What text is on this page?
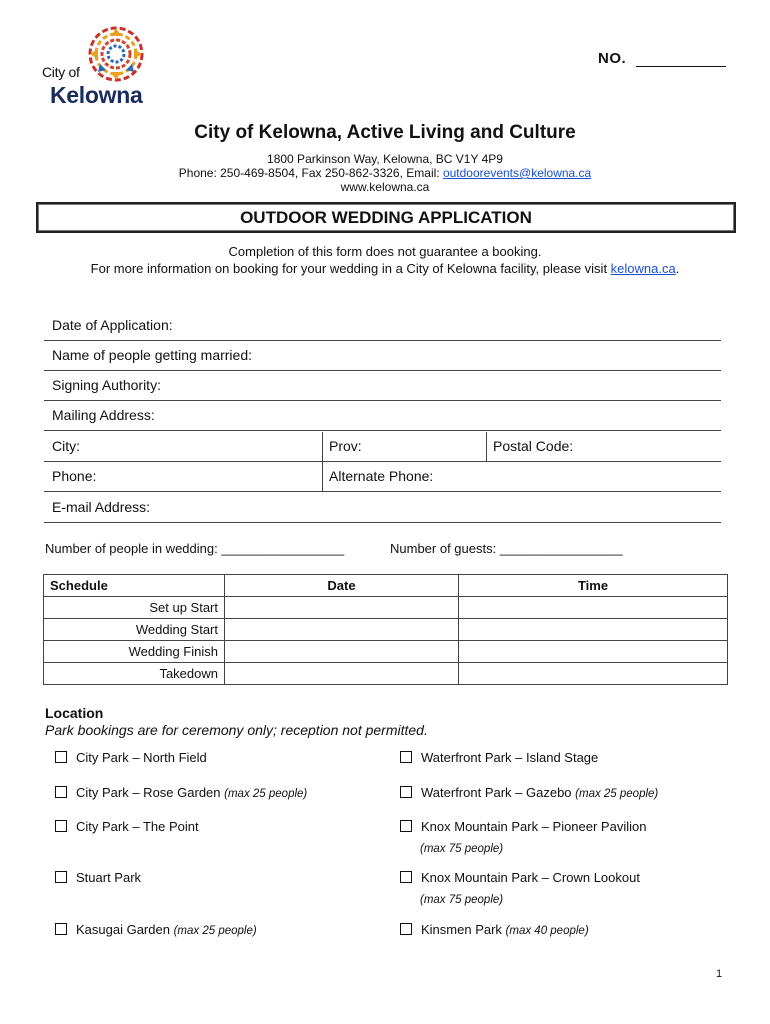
City of
Kelowna
NO.
City of Kelowna, Active Living and Culture
1800 Parkinson Way, Kelowna, BC V1Y 4P9
Phone: 250-469-8504, Fax 250-862-3326, Email: outdoorevents@kelowna.ca
www.kelowna.ca
OUTDOOR WEDDING APPLICATION
Completion of this form does not guarantee a booking.
For more information on booking for your wedding in a City of Kelowna facility, please visit kelowna.ca.
Date of Application:
Name of people getting married:
Signing Authority:
Mailing Address:
City:	Prov:	Postal Code:
Phone:	Alternate Phone:
E-mail Address:
Number of people in wedding: _________________	Number of guests: _________________
Schedule	Date	Time
Set up Start		
Wedding Start		
Wedding Finish		
Takedown		
Location
Park bookings are for ceremony only; reception not permitted.
City Park – North Field
City Park – Rose Garden (max 25 people)
City Park – The Point
Stuart Park
Kasugai Garden (max 25 people)
Waterfront Park – Island Stage
Waterfront Park – Gazebo (max 25 people)
Knox Mountain Park – Pioneer Pavilion
(max 75 people)
Knox Mountain Park – Crown Lookout
(max 75 people)
Kinsmen Park (max 40 people)
1
